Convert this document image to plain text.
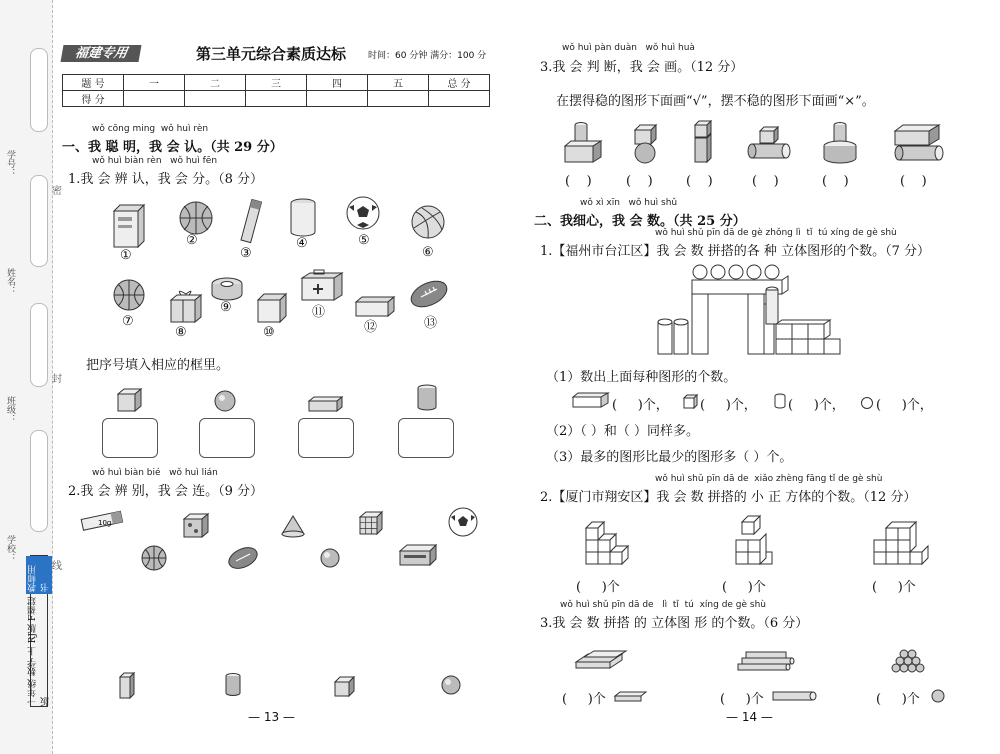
学号：
姓名：
班级：
学校：
一年级 数学 上 RJ版 F福建版
教师用书
密
封
线
福建专用	第三单元综合素质达标 时间：60 分钟 满分：100 分
题 号	一	二	三	四	五	总 分
得 分						
wǒ cōng ming  wǒ huì rèn
一、我 聪 明，我 会 认。（共 29 分）
wǒ huì biàn rèn   wǒ huì fēn
1.我 会 辨 认，我 会 分。（8 分）
①
②
③
④	⑤
⑥
⑦
⑧
⑨
⑩
⑪
⑫	⑬
把序号填入相应的框里。
wǒ huì biàn bié   wǒ huì lián
2.我 会 辨 别，我 会 连。（9 分）
10g
— 13 —
wǒ huì pàn duàn   wǒ huì huà
3.我 会 判 断，我 会 画。（12 分）
在摆得稳的图形下面画“√”，摆不稳的图形下面画“×”。
(    )	(    )	(    )	(    )	(    )	(    )
wǒ xì xīn   wǒ huì shǔ
二、我细心，我 会 数。（共 25 分）
wǒ huì shǔ pīn dā de gè zhǒng lì  tǐ  tú xíng de gè shù
1.【福州市台江区】我 会 数 拼搭的各 种 立体图形的个数。（7 分）
（1）数出上面每种图形的个数。
(     )个， (     )个， (     )个， (     )个，
（2）（ ）和（ ）同样多。
（3）最多的图形比最少的图形多（ ）个。
wǒ huì shǔ pīn dā de  xiǎo zhèng fāng tǐ de gè shù
2.【厦门市翔安区】我 会 数 拼搭的 小 正 方体的个数。（12 分）
(     )个	(     )个	(     )个
wǒ huì shǔ pīn dā de   lì  tǐ  tú  xíng de gè shù
3.我 会 数 拼搭 的 立体图 形 的个数。（6 分）
(     )个	(     )个	(     )个
— 14 —
